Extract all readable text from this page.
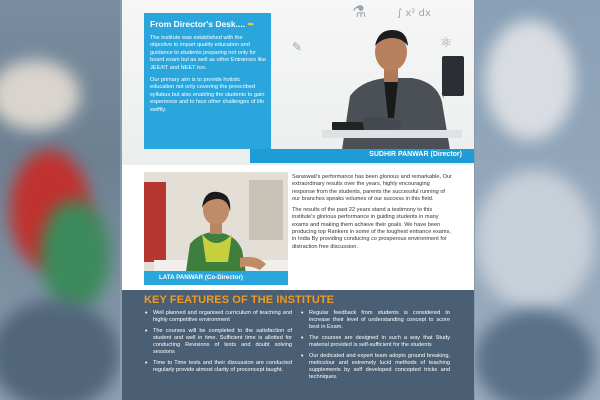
⚗	∫ x² dx
⚛
✎
From Director's Desk.... ✒

The institute was established with the objective to impart quality education and guidance to students preparing not only for board exam but as well as other Entrances like JEE/IIT and NEET too.

Our primary aim is to provide holistic education not only covering the prescribed syllabus but also enabling the students to gain experience and to face other challenges of life swiftly.

SUDHIR PANWAR (Director)
LATA PANWAR (Co-Director)

Saraswati's performance has been glorious and remarkable, Our extraordinary results over the years, highly encouraging response from the students, parents the successful running of our branches speaks volumes of our success in this field.

The results of the past 22 years stand a testimony to this institute's glorious performance in guiding students in many exams and making them achieve their goals. We have been producing top Rankers in some of the toughest entrance exams, in India By providing conducing co prosperous environment for distraction free discussion.

KEY FEATURES OF THE INSTITUTE
• Well planned and organised curriculum of teaching and highly competitive environment
• The courses will be completed to the satisfaction of student and well in time. Sufficient time is allotted for conducting Revisions of tests and doubt solving sessions
• Time to Time tests and their discussion are conducted regularly provide atmost clarity of proconcept taught.
• Regular feedback from students is considered to increase their level of understanding concept to score best in Exam.
• The courses are designed in such a way that Study material provided is self-sufficient for the students
• Our dedicated and expert team adopts ground breaking, meticulour and extremely lucid methods of teaching supplements by self developed concepted tricks and techniques.
